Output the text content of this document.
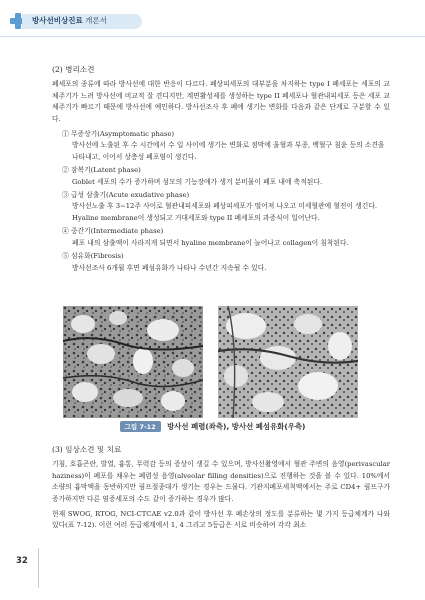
방사선비상진료 개론서
(2) 병리소견

폐세포의 종류에 따라 방사선에 대한 반응이 다르다. 폐상피세포의 대부분을 차지하는 type I 폐세포는 세포의 교체주기가 느려 방사선에 비교적 잘 견디지만, 계면활성제를 생성하는 type II 폐세포나 혈관내피세포 등은 세포 교체주기가 빠르기 때문에 방사선에 예민하다. 방사선조사 후 폐에 생기는 변화를 다음과 같은 단계로 구분할 수 있다.

① 무증상기(Asymptomatic phase)
방사선에 노출된 후 수 시간에서 수 일 사이에 생기는 변화로 점막에 울혈과 부종, 백혈구 침윤 등의 소견을 나타내고, 이어서 상층성 폐포염이 생긴다.
② 잠복기(Latent phase)
Goblet 세포의 수가 증가하며 섬모의 기능장애가 생겨 분비물이 폐포 내에 축적된다.
③ 급성 삼출기(Acute exudative phase)
방사선노출 후 3~12주 사이로 혈관내피세포와 폐상피세포가 떨어져 나오고 미세혈관에 혈전이 생긴다. Hyaline membrane이 생성되고 거대세포와 type II 폐세포의 과증식이 일어난다.
④ 중간기(Intermediate phase)
폐포 내의 삼출액이 사라지게 되면서 hyaline membrane이 늘어나고 collagen이 침착된다.
⑤ 섬유화(Fibrosis)
방사선조사 6개월 후면 폐섬유화가 나타나 수년간 지속될 수 있다.
그림 7-12 방사선 폐렴(좌측), 방사선 폐섬유화(우측)
(3) 임상소견 및 치료

기침, 호흡곤란, 발열, 흉통, 무력감 등의 증상이 생길 수 있으며, 방사선촬영에서 혈관 주변의 음영(perivascular haziness)이 폐포를 채우는 폐렴성 음영(alveolar filling densities)으로 진행하는 것을 볼 수 있다. 10%에서 소량의 흉막액을 동반하지만 림프절종대가 생기는 경우는 드물다. 기관지폐포세척액에서는 주로 CD4+ 림프구가 증가하지만 다른 염증세포의 수도 같이 증가하는 경우가 많다.

현재 SWOG, RTOG, NCI-CTCAE v2.0과 같이 방사선 후 폐손상의 정도를 분류하는 몇 가지 등급체계가 나와 있다(표 7-12). 이런 여러 등급체계에서 1, 4 그리고 5등급은 서로 비슷하여 각각 최소

32
